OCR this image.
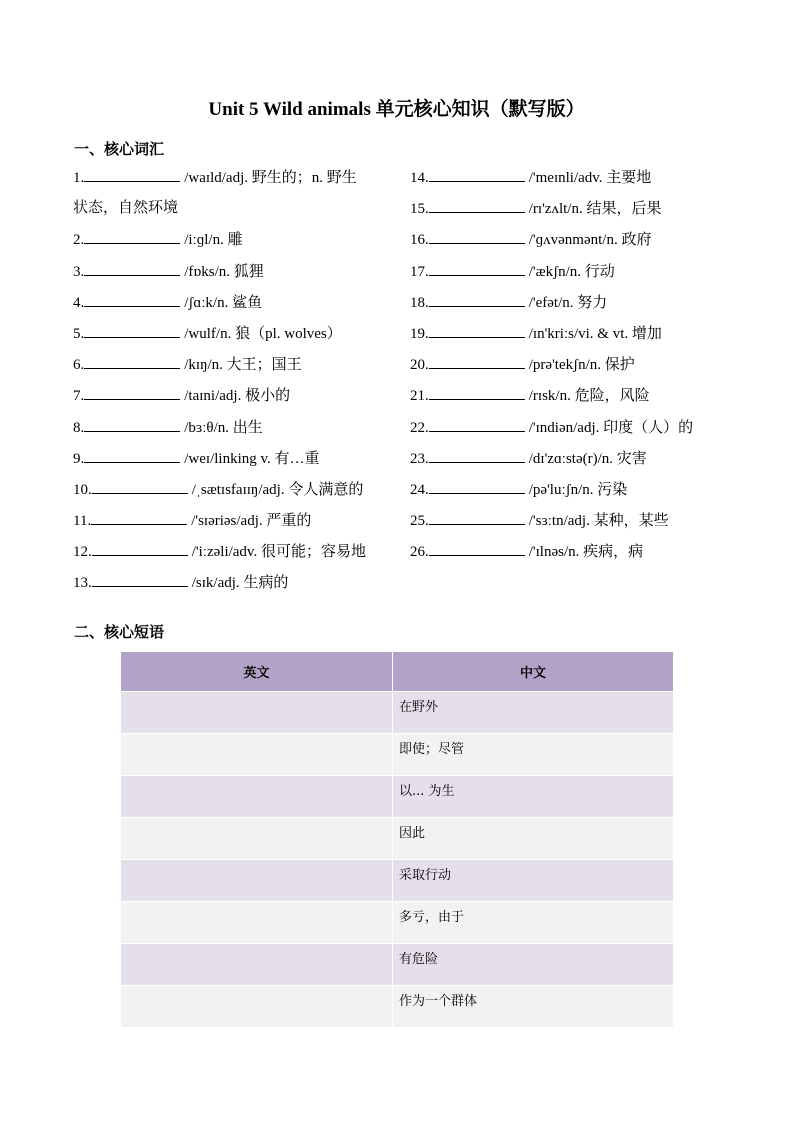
Unit 5 Wild animals 单元核心知识（默写版）
一、核心词汇
1.	/waɪld/adj. 野生的；n. 野生
状态，自然环境
2.	/iːɡl/n. 雕
3.	/fɒks/n. 狐狸
4.	/ʃɑːk/n. 鲨鱼
5.	/wulf/n. 狼（pl. wolves）
6.	/kɪŋ/n. 大王；国王
7.	/taɪni/adj. 极小的
8.	/bɜːθ/n. 出生
9.	/weɪ/linking v. 有…重
10.	/ˌsætɪsfaɪɪŋ/adj. 令人满意的
11.	/'sɪəriəs/adj. 严重的
12.	/'iːzəli/adv. 很可能；容易地
13.	/sɪk/adj. 生病的
14.	/'meɪnli/adv. 主要地
15.	/rɪ'zʌlt/n. 结果，后果
16.	/'ɡʌvənmənt/n. 政府
17.	/'ækʃn/n. 行动
18.	/'efət/n. 努力
19.	/ɪn'kriːs/vi. & vt. 增加
20.	/prə'tekʃn/n. 保护
21.	/rɪsk/n. 危险，风险
22.	/'ɪndiən/adj. 印度（人）的
23.	/dɪ'zɑːstə(r)/n. 灾害
24.	/pə'luːʃn/n. 污染
25.	/'sɜːtn/adj. 某种，某些
26.	/'ɪlnəs/n. 疾病，病
二、核心短语
英文	中文
	在野外
	即使；尽管
	以... 为生
	因此
	采取行动
	多亏，由于
	有危险
	作为一个群体
